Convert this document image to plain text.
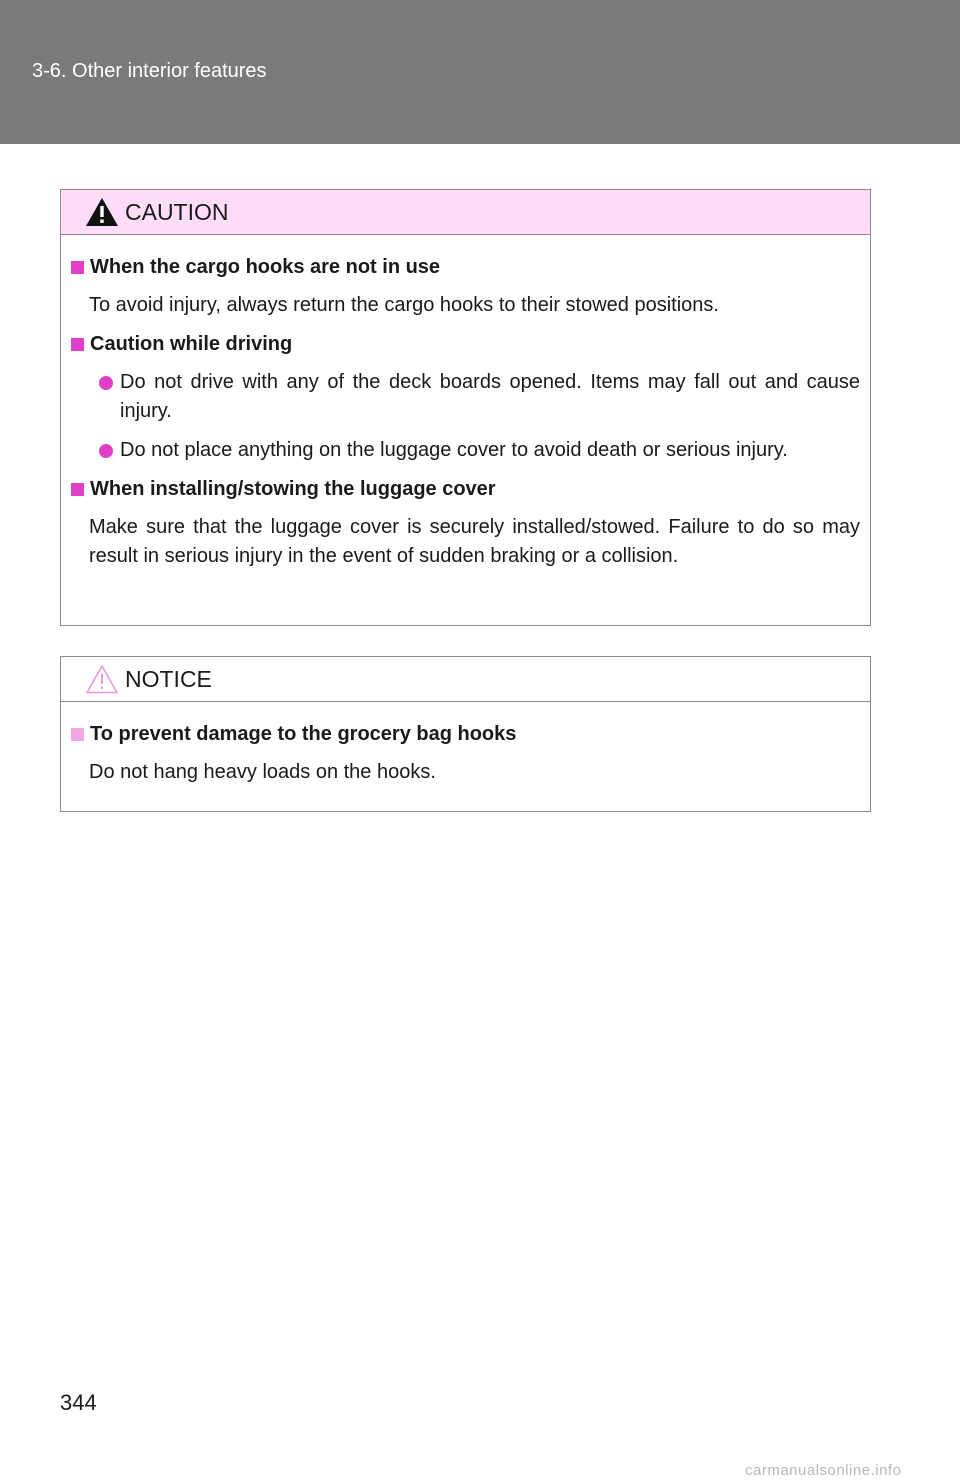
3-6. Other interior features
CAUTION
When the cargo hooks are not in use

To avoid injury, always return the cargo hooks to their stowed positions.

Caution while driving
Do not drive with any of the deck boards opened. Items may fall out and cause injury.
Do not place anything on the luggage cover to avoid death or serious injury.
When installing/stowing the luggage cover

Make sure that the luggage cover is securely installed/stowed. Failure to do so may result in serious injury in the event of sudden braking or a collision.

NOTICE
To prevent damage to the grocery bag hooks

Do not hang heavy loads on the hooks.

344
carmanualsonline.info
